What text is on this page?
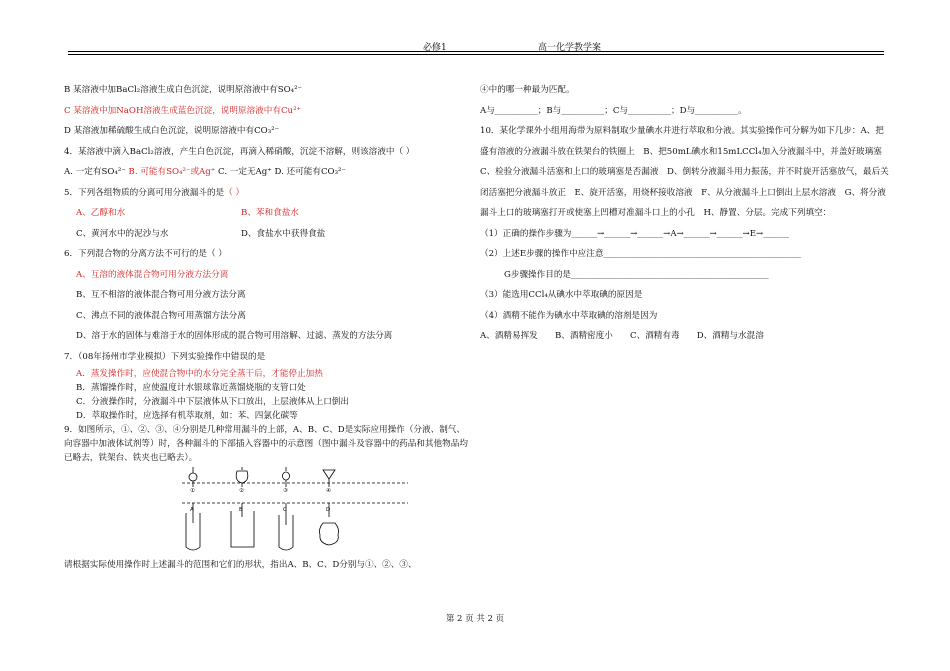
必修1	高一化学教学案

B 某溶液中加BaCl₂溶液生成白色沉淀，说明原溶液中有SO₄²⁻

C 某溶液中加NaOH溶液生成蓝色沉淀，说明原溶液中有Cu²⁺

D 某溶液加稀硫酸生成白色沉淀，说明原溶液中有CO₃²⁻

4．某溶液中滴入BaCl₂溶液，产生白色沉淀，再滴入稀硝酸，沉淀不溶解，则该溶液中（ ）

A. 一定有SO₄²⁻ B. 可能有SO₄²⁻或Ag⁺ C. 一定无Ag⁺ D. 还可能有CO₃²⁻

5．下列各组物质的分离可用分液漏斗的是（ ）

A、乙醇和水	B、苯和食盐水

C、黄河水中的泥沙与水	D、食盐水中获得食盐

6．下列混合物的分离方法不可行的是（ ）

A、互溶的液体混合物可用分液方法分离

B、互不相溶的液体混合物可用分液方法分离

C、沸点不同的液体混合物可用蒸馏方法分离

D、溶于水的固体与难溶于水的固体形成的混合物可用溶解、过滤、蒸发的方法分离

7．（08年扬州市学业模拟）下列实验操作中错误的是

A．蒸发操作时，应使混合物中的水分完全蒸干后，才能停止加热

B．蒸馏操作时，应使温度计水银球靠近蒸馏烧瓶的支管口处

C．分液操作时，分液漏斗中下层液体从下口放出，上层液体从上口倒出

D．萃取操作时，应选择有机萃取剂，如：苯、四氯化碳等

9．如图所示，①、②、③、④分别是几种常用漏斗的上部，A、B、C、D是实际应用操作（分液、制气、向容器中加液体试剂等）时，各种漏斗的下部插入容器中的示意图（图中漏斗及容器中的药品和其他物品均已略去，铁架台、铁夹也已略去）。

①	②	③	④
A	B	C	D

请根据实际使用操作时上述漏斗的范围和它们的形状，指出A、B、C、D分别与①、②、③、

④中的哪一种最为匹配。

A与__________；B与__________；C与__________；D与__________。

10．某化学课外小组用海带为原料制取少量碘水并进行萃取和分液。其实验操作可分解为如下几步：A、把盛有溶液的分液漏斗放在铁架台的铁圈上　B、把50mL碘水和15mLCCl₄加入分液漏斗中，并盖好玻璃塞　C、检验分液漏斗活塞和上口的玻璃塞是否漏液　D、倒转分液漏斗用力振荡，并不时旋开活塞放气，最后关闭活塞把分液漏斗放正　E、旋开活塞，用烧杯接收溶液　F、从分液漏斗上口倒出上层水溶液　G、将分液漏斗上口的玻璃塞打开或使塞上凹槽对准漏斗口上的小孔　H、静置、分层。完成下列填空：

（1）正确的操作步骤为______→______→______→A→______→______→E→______

（2）上述E步骤的操作中应注意______________________________________________

G步骤操作目的是______________________________________________

（3）能选用CCl₄从碘水中萃取碘的原因是

（4）酒精不能作为碘水中萃取碘的溶剂是因为

A、酒精易挥发　　B、酒精密度小　　C、酒精有毒　　D、酒精与水混溶

第 2 页 共 2 页
